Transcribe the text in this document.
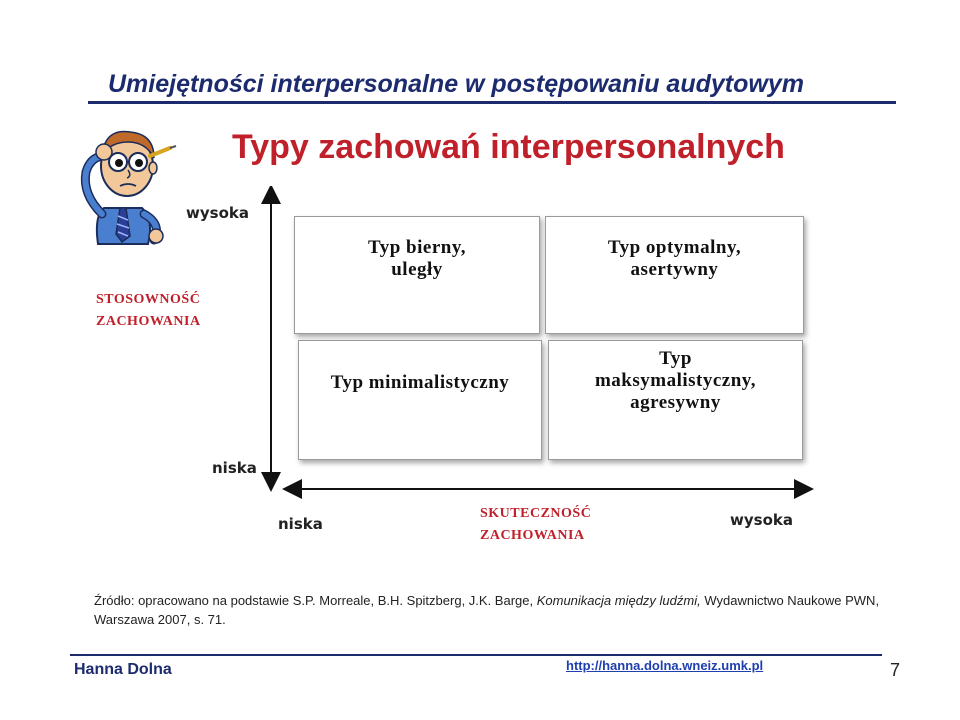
Umiejętności interpersonalne w postępowaniu audytowym
Typy zachowań interpersonalnych
wysoka
niska
STOSOWNOŚĆ
ZACHOWANIA
niska	wysoka
SKUTECZNOŚĆ
ZACHOWANIA
Typ bierny,
uległy
Typ optymalny,
asertywny
Typ minimalistyczny
Typ
maksymalistyczny,
agresywny
Źródło: opracowano na podstawie S.P. Morreale, B.H. Spitzberg, J.K. Barge, Komunikacja między ludźmi, Wydawnictwo Naukowe PWN, Warszawa 2007, s. 71.
Hanna Dolna	http://hanna.dolna.wneiz.umk.pl	7
